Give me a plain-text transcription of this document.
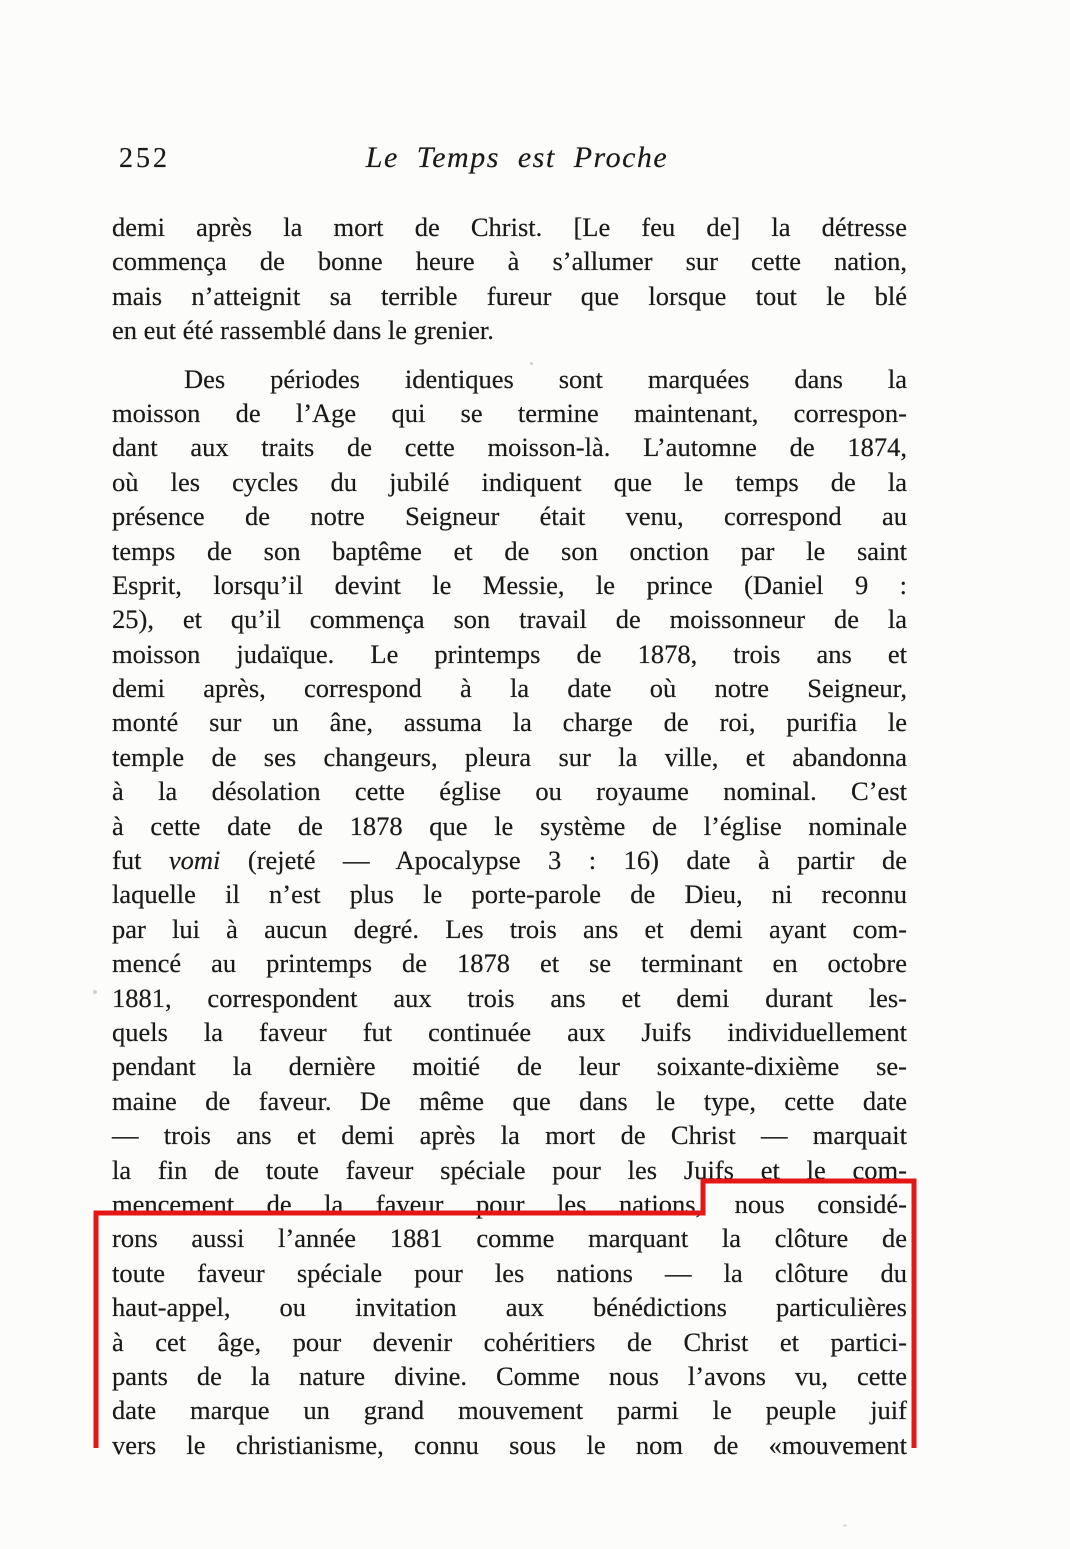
252	Le Temps est Proche
demi après la mort de Christ. [Le feu de] la détresse
commença de bonne heure à s’allumer sur cette nation,
mais n’atteignit sa terrible fureur que lorsque tout le blé
en eut été rassemblé dans le grenier.
Des périodes identiques sont marquées dans la
moisson de l’Age qui se termine maintenant, correspon-
dant aux traits de cette moisson-là. L’automne de 1874,
où les cycles du jubilé indiquent que le temps de la
présence de notre Seigneur était venu, correspond au
temps de son baptême et de son onction par le saint
Esprit, lorsqu’il devint le Messie, le prince (Daniel 9 :
25), et qu’il commença son travail de moissonneur de la
moisson judaïque. Le printemps de 1878, trois ans et
demi après, correspond à la date où notre Seigneur,
monté sur un âne, assuma la charge de roi, purifia le
temple de ses changeurs, pleura sur la ville, et abandonna
à la désolation cette église ou royaume nominal. C’est
à cette date de 1878 que le système de l’église nominale
fut vomi (rejeté — Apocalypse 3 : 16) date à partir de
laquelle il n’est plus le porte-parole de Dieu, ni reconnu
par lui à aucun degré. Les trois ans et demi ayant com-
mencé au printemps de 1878 et se terminant en octobre
1881, correspondent aux trois ans et demi durant les-
quels la faveur fut continuée aux Juifs individuellement
pendant la dernière moitié de leur soixante-dixième se-
maine de faveur. De même que dans le type, cette date
— trois ans et demi après la mort de Christ — marquait
la fin de toute faveur spéciale pour les Juifs et le com-
mencement de la faveur pour les nations, nous considé-
rons aussi l’année 1881 comme marquant la clôture de
toute faveur spéciale pour les nations — la clôture du
haut-appel, ou invitation aux bénédictions particulières
à cet âge, pour devenir cohéritiers de Christ et partici-
pants de la nature divine. Comme nous l’avons vu, cette
date marque un grand mouvement parmi le peuple juif
vers le christianisme, connu sous le nom de «mouvement
